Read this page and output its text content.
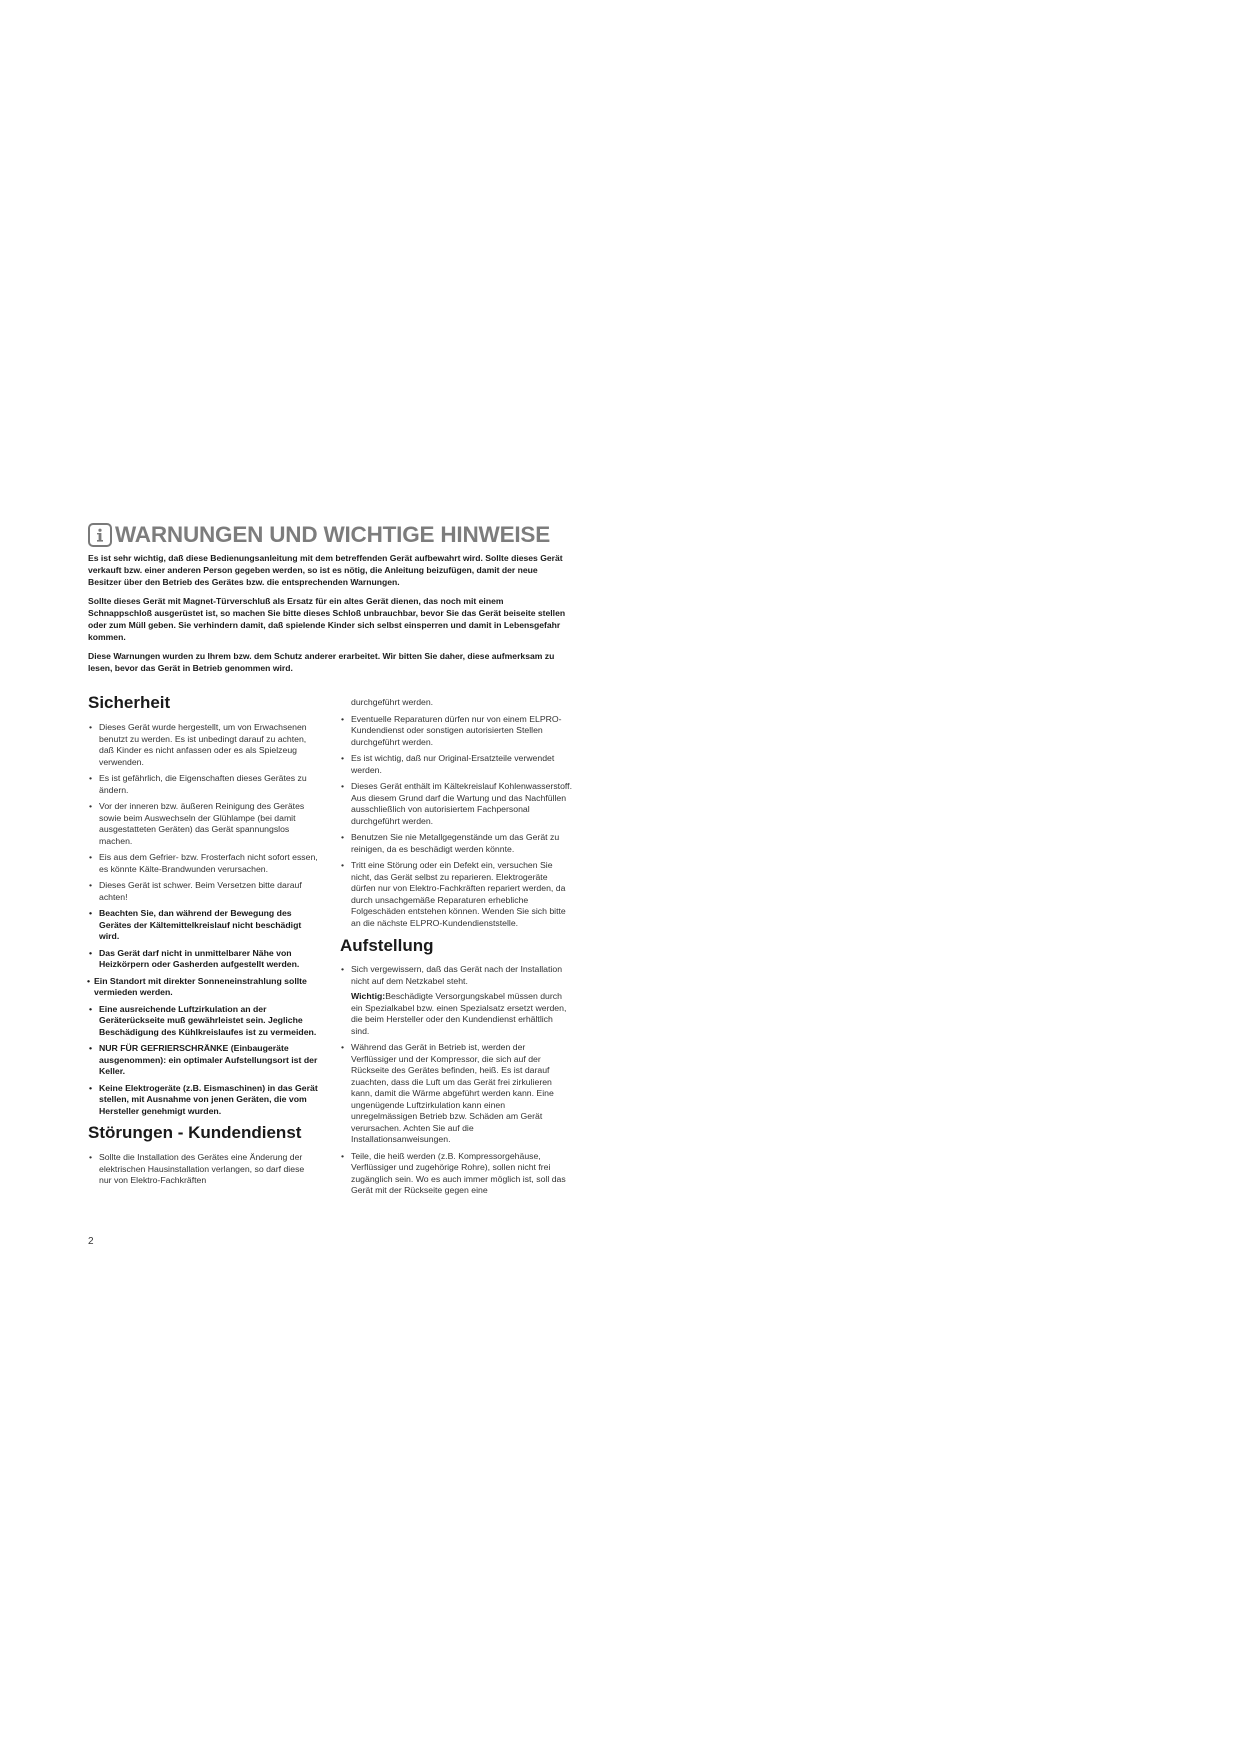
WARNUNGEN UND WICHTIGE HINWEISE

Es ist sehr wichtig, daß diese Bedienungsanleitung mit dem betreffenden Gerät aufbewahrt wird. Sollte dieses Gerät verkauft bzw. einer anderen Person gegeben werden, so ist es nötig, die Anleitung beizufügen, damit der neue Besitzer über den Betrieb des Gerätes bzw. die entsprechenden Warnungen.

Sollte dieses Gerät mit Magnet-Türverschluß als Ersatz für ein altes Gerät dienen, das noch mit einem Schnappschloß ausgerüstet ist, so machen Sie bitte dieses Schloß unbrauchbar, bevor Sie das Gerät beiseite stellen oder zum Müll geben. Sie verhindern damit, daß spielende Kinder sich selbst einsperren und damit in Lebensgefahr kommen.

Diese Warnungen wurden zu Ihrem bzw. dem Schutz anderer erarbeitet. Wir bitten Sie daher, diese aufmerksam zu lesen, bevor das Gerät in Betrieb genommen wird.

Sicherheit
• Dieses Gerät wurde hergestellt, um von Erwachsenen benutzt zu werden. Es ist unbedingt darauf zu achten, daß Kinder es nicht anfassen oder es als Spielzeug verwenden.
• Es ist gefährlich, die Eigenschaften dieses Gerätes zu ändern.
• Vor der inneren bzw. äußeren Reinigung des Gerätes sowie beim Auswechseln der Glühlampe (bei damit ausgestatteten Geräten) das Gerät spannungslos machen.
• Eis aus dem Gefrier- bzw. Frosterfach nicht sofort essen, es könnte Kälte-Brandwunden verursachen.
• Dieses Gerät ist schwer. Beim Versetzen bitte darauf achten!
• Beachten Sie, dan während der Bewegung des Gerätes der Kältemittelkreislauf nicht beschädigt wird.
• Das Gerät darf nicht in unmittelbarer Nähe von Heizkörpern oder Gasherden aufgestellt werden.
• Ein Standort mit direkter Sonneneinstrahlung sollte vermieden werden.
• Eine ausreichende Luftzirkulation an der Geräterückseite muß gewährleistet sein. Jegliche Beschädigung des Kühlkreislaufes ist zu vermeiden.
• NUR FÜR GEFRIERSCHRÄNKE (Einbaugeräte ausgenommen): ein optimaler Aufstellungsort ist der Keller.
• Keine Elektrogeräte (z.B. Eismaschinen) in das Gerät stellen, mit Ausnahme von jenen Geräten, die vom Hersteller genehmigt wurden.
Störungen - Kundendienst
• Sollte die Installation des Gerätes eine Änderung der elektrischen Hausinstallation verlangen, so darf diese nur von Elektro-Fachkräften
durchgeführt werden.
• Eventuelle Reparaturen dürfen nur von einem ELPRO-Kundendienst oder sonstigen autorisierten Stellen durchgeführt werden.
• Es ist wichtig, daß nur Original-Ersatzteile verwendet werden.
• Dieses Gerät enthält im Kältekreislauf Kohlenwasserstoff. Aus diesem Grund darf die Wartung und das Nachfüllen ausschließlich von autorisiertem Fachpersonal durchgeführt werden.
• Benutzen Sie nie Metallgegenstände um das Gerät zu reinigen, da es beschädigt werden könnte.
• Tritt eine Störung oder ein Defekt ein, versuchen Sie nicht, das Gerät selbst zu reparieren. Elektrogeräte dürfen nur von Elektro-Fachkräften repariert werden, da durch unsachgemäße Reparaturen erhebliche Folgeschäden entstehen können. Wenden Sie sich bitte an die nächste ELPRO-Kundendienststelle.
Aufstellung
• Sich vergewissern, daß das Gerät nach der Installation nicht auf dem Netzkabel steht.
Wichtig:Beschädigte Versorgungskabel müssen durch ein Spezialkabel bzw. einen Spezialsatz ersetzt werden, die beim Hersteller oder den Kundendienst erhältlich sind.
• Während das Gerät in Betrieb ist, werden der Verflüssiger und der Kompressor, die sich auf der Rückseite des Gerätes befinden, heiß. Es ist darauf zuachten, dass die Luft um das Gerät frei zirkulieren kann, damit die Wärme abgeführt werden kann. Eine ungenügende Luftzirkulation kann einen unregelmässigen Betrieb bzw. Schäden am Gerät verursachen. Achten Sie auf die Installationsanweisungen.
• Teile, die heiß werden (z.B. Kompressorgehäuse, Verflüssiger und zugehörige Rohre), sollen nicht frei zugänglich sein. Wo es auch immer möglich ist, soll das Gerät mit der Rückseite gegen eine
2
